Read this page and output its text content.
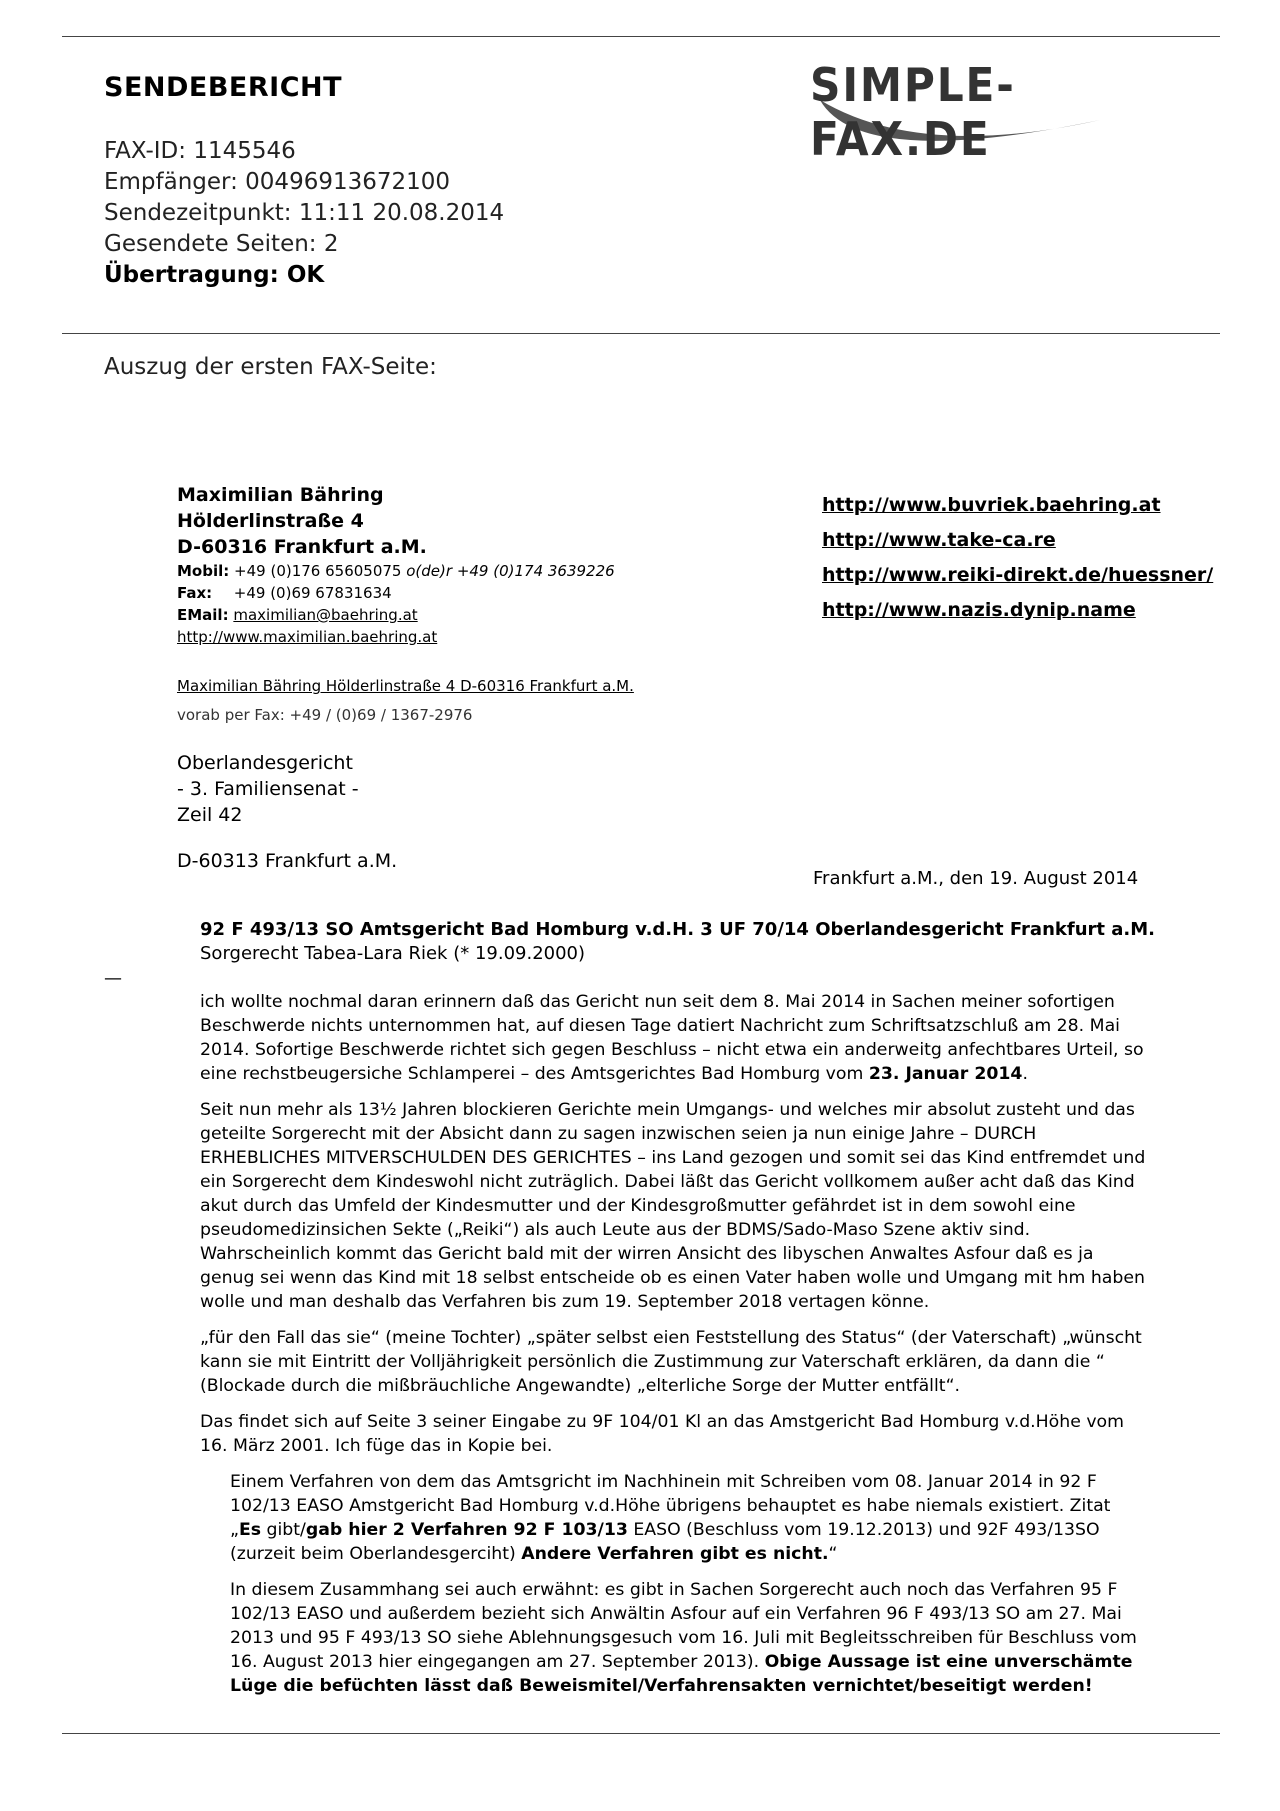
SENDEBERICHT	SIMPLE-FAX.DE
FAX-ID: 1145546
Empfänger: 00496913672100
Sendezeitpunkt: 11:11 20.08.2014
Gesendete Seiten: 2
Übertragung: OK
Auszug der ersten FAX-Seite:
Maximilian Bähring
Hölderlinstraße 4
D-60316 Frankfurt a.M.
Mobil: +49 (0)176 65605075 o(de)r +49 (0)174 3639226
Fax: +49 (0)69 67831634
EMail: maximilian@baehring.at
http://www.maximilian.baehring.at
http://www.buvriek.baehring.at
http://www.take-ca.re
http://www.reiki-direkt.de/huessner/
http://www.nazis.dynip.name
Maximilian Bähring Hölderlinstraße 4 D-60316 Frankfurt a.M.
vorab per Fax: +49 / (0)69 / 1367-2976
Oberlandesgericht
- 3. Familiensenat -
Zeil 42
D-60313 Frankfurt a.M.
Frankfurt a.M., den 19. August 2014
92 F 493/13 SO Amtsgericht Bad Homburg v.d.H. 3 UF 70/14 Oberlandesgericht Frankfurt a.M.
Sorgerecht Tabea-Lara Riek (* 19.09.2000)
—

ich wollte nochmal daran erinnern daß das Gericht nun seit dem 8. Mai 2014 in Sachen meiner sofortigen Beschwerde nichts unternommen hat, auf diesen Tage datiert Nachricht zum Schriftsatzschluß am 28. Mai 2014. Sofortige Beschwerde richtet sich gegen Beschluss – nicht etwa ein anderweitg anfechtbares Urteil, so eine rechstbeugersiche Schlamperei – des Amtsgerichtes Bad Homburg vom 23. Januar 2014.

Seit nun mehr als 13½ Jahren blockieren Gerichte mein Umgangs- und welches mir absolut zusteht und das geteilte Sorgerecht mit der Absicht dann zu sagen inzwischen seien ja nun einige Jahre – DURCH ERHEBLICHES MITVERSCHULDEN DES GERICHTES – ins Land gezogen und somit sei das Kind entfremdet und ein Sorgerecht dem Kindeswohl nicht zuträglich. Dabei läßt das Gericht vollkomem außer acht daß das Kind akut durch das Umfeld der Kindesmutter und der Kindesgroßmutter gefährdet ist in dem sowohl eine pseudomedizinsichen Sekte („Reiki“) als auch Leute aus der BDMS/Sado-Maso Szene aktiv sind. Wahrscheinlich kommt das Gericht bald mit der wirren Ansicht des libyschen Anwaltes Asfour daß es ja genug sei wenn das Kind mit 18 selbst entscheide ob es einen Vater haben wolle und Umgang mit hm haben wolle und man deshalb das Verfahren bis zum 19. September 2018 vertagen könne.

„für den Fall das sie“ (meine Tochter) „später selbst eien Feststellung des Status“ (der Vaterschaft) „wünscht kann sie mit Eintritt der Volljährigkeit persönlich die Zustimmung zur Vaterschaft erklären, da dann die “ (Blockade durch die mißbräuchliche Angewandte) „elterliche Sorge der Mutter entfällt“.

Das findet sich auf Seite 3 seiner Eingabe zu 9F 104/01 Kl an das Amstgericht Bad Homburg v.d.Höhe vom 16. März 2001. Ich füge das in Kopie bei.

Einem Verfahren von dem das Amtsgricht im Nachhinein mit Schreiben vom 08. Januar 2014 in 92 F 102/13 EASO Amstgericht Bad Homburg v.d.Höhe übrigens behauptet es habe niemals existiert. Zitat „Es gibt/gab hier 2 Verfahren 92 F 103/13 EASO (Beschluss vom 19.12.2013) und 92F 493/13SO (zurzeit beim Oberlandesgerciht) Andere Verfahren gibt es nicht.“

In diesem Zusammhang sei auch erwähnt: es gibt in Sachen Sorgerecht auch noch das Verfahren 95 F 102/13 EASO und außerdem bezieht sich Anwältin Asfour auf ein Verfahren 96 F 493/13 SO am 27. Mai 2013 und 95 F 493/13 SO siehe Ablehnungsgesuch vom 16. Juli mit Begleitsschreiben für Beschluss vom 16. August 2013 hier eingegangen am 27. September 2013). Obige Aussage ist eine unverschämte Lüge die befüchten lässt daß Beweismitel/Verfahrensakten vernichtet/beseitigt werden!
